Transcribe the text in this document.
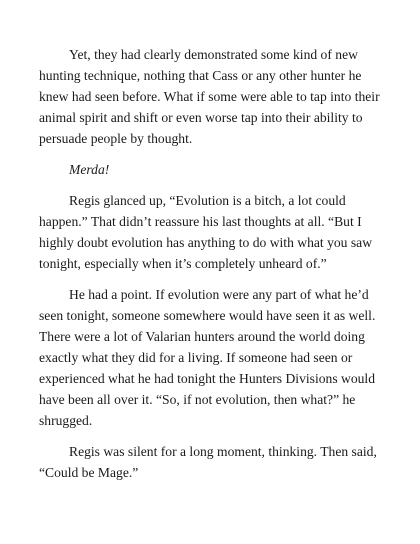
Yet, they had clearly demonstrated some kind of new
hunting technique, nothing that Cass or any other hunter he
knew had seen before. What if some were able to tap into their
animal spirit and shift or even worse tap into their ability to
persuade people by thought.

Merda!

Regis glanced up, “Evolution is a bitch, a lot could
happen.” That didn’t reassure his last thoughts at all. “But I
highly doubt evolution has anything to do with what you saw
tonight, especially when it’s completely unheard of.”

He had a point. If evolution were any part of what he’d
seen tonight, someone somewhere would have seen it as well.
There were a lot of Valarian hunters around the world doing
exactly what they did for a living. If someone had seen or
experienced what he had tonight the Hunters Divisions would
have been all over it. “So, if not evolution, then what?” he
shrugged.

Regis was silent for a long moment, thinking. Then said,
“Could be Mage.”
